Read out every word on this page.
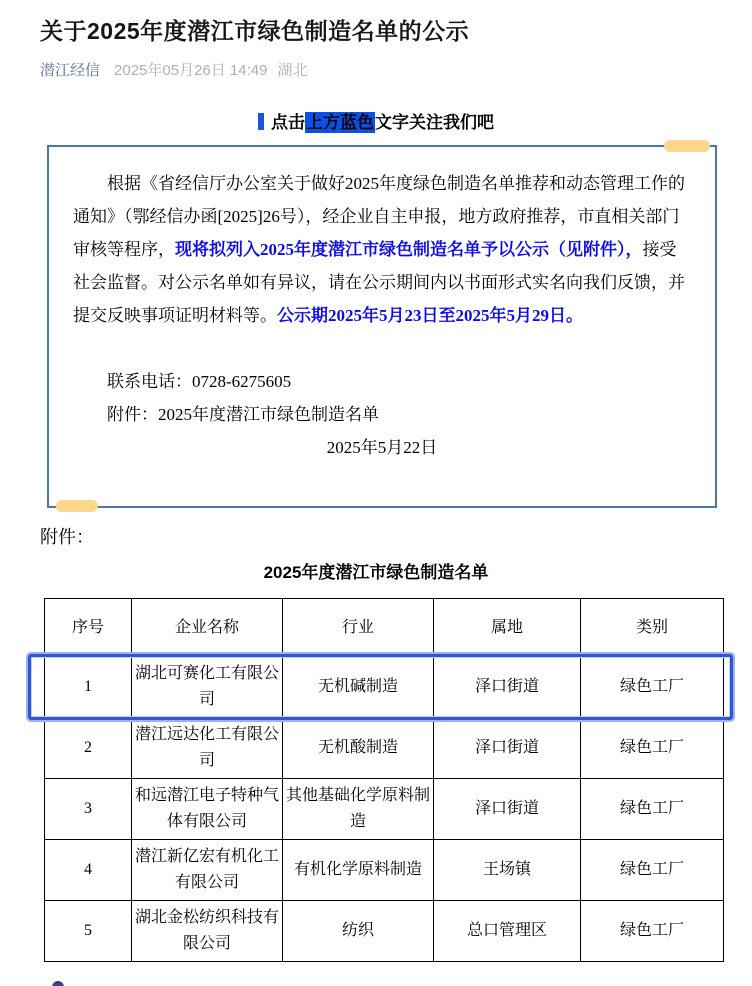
关于2025年度潜江市绿色制造名单的公示
潜江经信 2025年05月26日 14:49 湖北
点击上方蓝色文字关注我们吧

根据《省经信厅办公室关于做好2025年度绿色制造名单推荐和动态管理工作的通知》（鄂经信办函[2025]26号），经企业自主申报，地方政府推荐，市直相关部门审核等程序，现将拟列入2025年度潜江市绿色制造名单予以公示（见附件），接受社会监督。对公示名单如有异议，请在公示期间内以书面形式实名向我们反馈，并提交反映事项证明材料等。公示期2025年5月23日至2025年5月29日。

联系电话：0728-6275605

附件：2025年度潜江市绿色制造名单

2025年5月22日

附件：
2025年度潜江市绿色制造名单
序号	企业名称	行业	属地	类别
1	湖北可赛化工有限公司	无机碱制造	泽口街道	绿色工厂
2	潜江远达化工有限公司	无机酸制造	泽口街道	绿色工厂
3	和远潜江电子特种气体有限公司	其他基础化学原料制造	泽口街道	绿色工厂
4	潜江新亿宏有机化工有限公司	有机化学原料制造	王场镇	绿色工厂
5	湖北金松纺织科技有限公司	纺织	总口管理区	绿色工厂
